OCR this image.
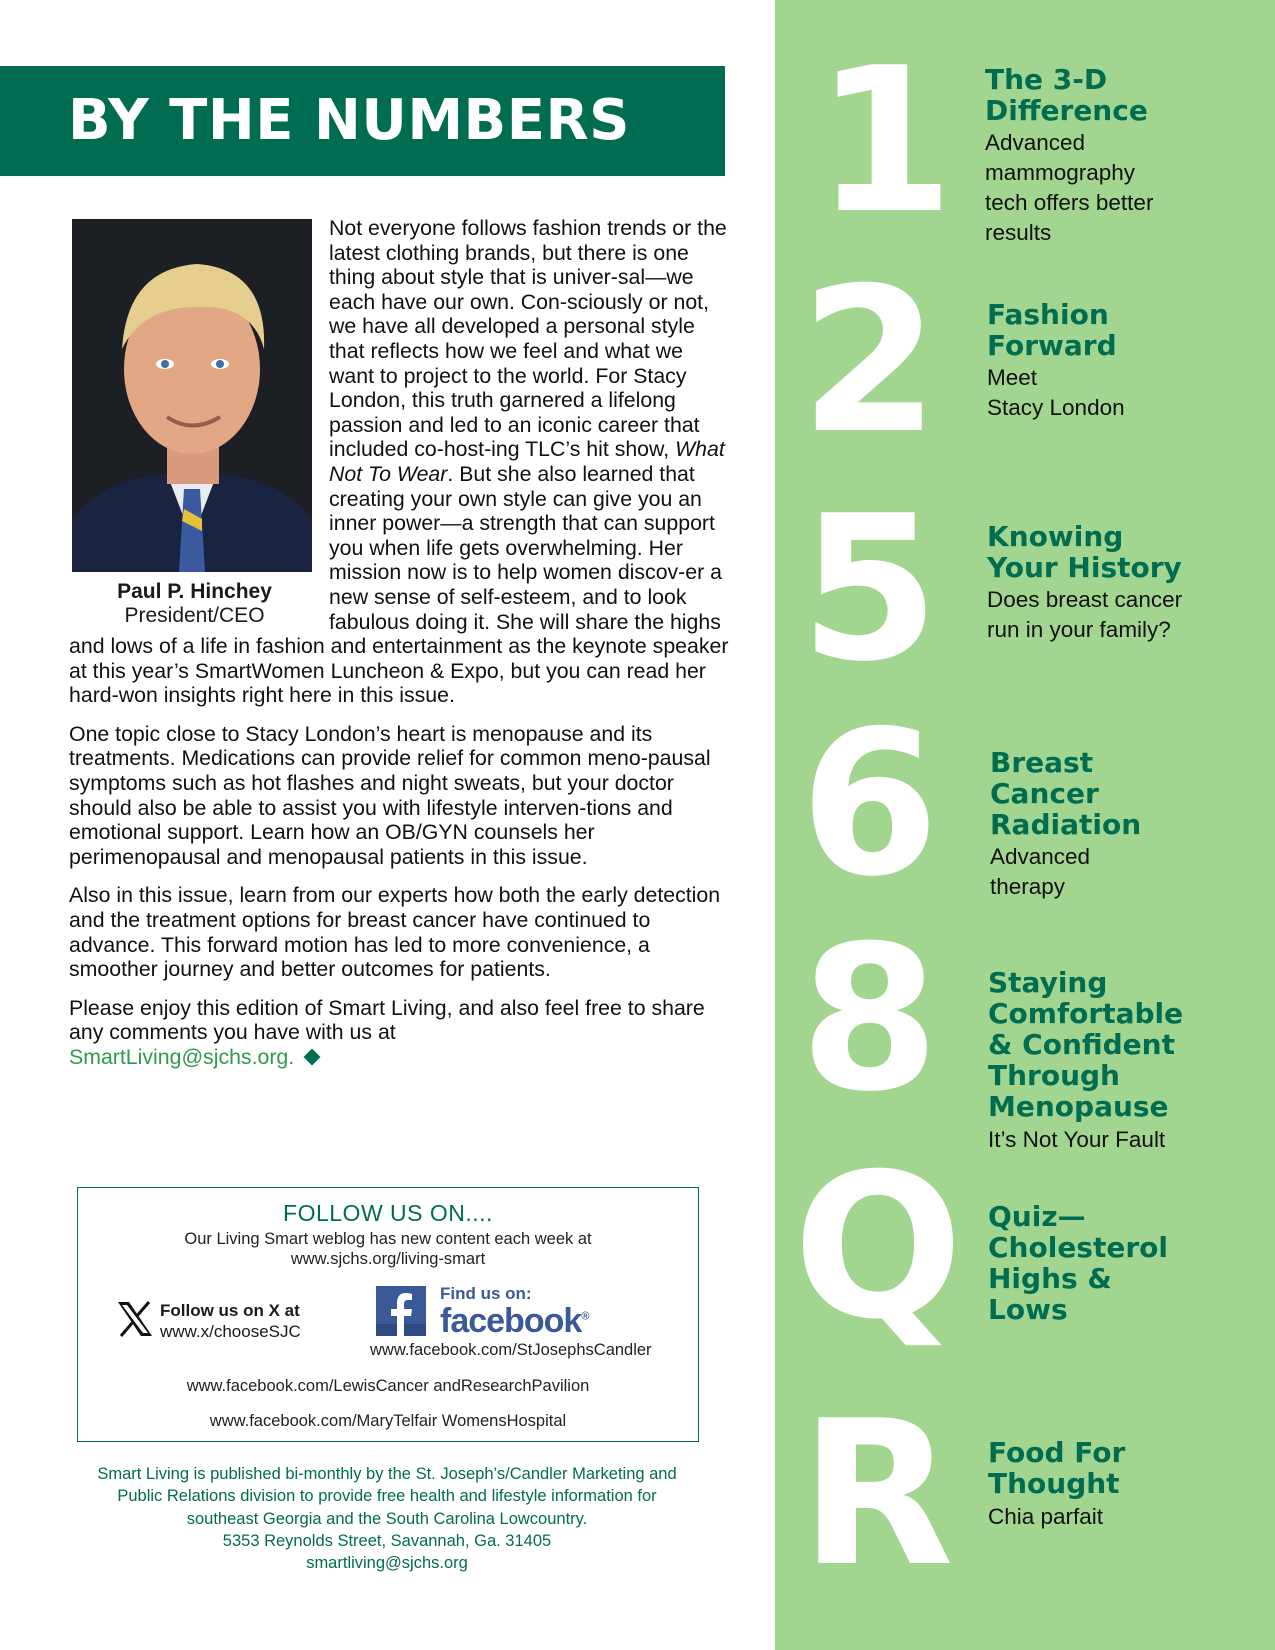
BY THE NUMBERS
Paul P. Hinchey
President/CEO

Not everyone follows fashion trends or the latest clothing brands, but there is one thing about style that is univer-sal—we each have our own. Con-sciously or not, we have all developed a personal style that reflects how we feel and what we want to project to the world. For Stacy London, this truth garnered a lifelong passion and led to an iconic career that included co-host-ing TLC’s hit show, What Not To Wear. But she also learned that creating your own style can give you an inner power—a strength that can support you when life gets overwhelming. Her mission now is to help women discov-er a new sense of self-esteem, and to look fabulous doing it. She will share the highs and lows of a life in fashion and entertainment as the keynote speaker at this year’s SmartWomen Luncheon & Expo, but you can read her hard-won insights right here in this issue.

One topic close to Stacy London’s heart is menopause and its treatments. Medications can provide relief for common meno-pausal symptoms such as hot flashes and night sweats, but your doctor should also be able to assist you with lifestyle interven-tions and emotional support. Learn how an OB/GYN counsels her perimenopausal and menopausal patients in this issue.

Also in this issue, learn from our experts how both the early detection and the treatment options for breast cancer have continued to advance. This forward motion has led to more convenience, a smoother journey and better outcomes for patients.

Please enjoy this edition of Smart Living, and also feel free to share any comments you have with us at
SmartLiving@sjchs.org.

FOLLOW US ON....
Our Living Smart weblog has new content each week at
www.sjchs.org/living-smart
Follow us on X at
www.x/chooseSJC
Find us on:
facebook®
www.facebook.com/StJosephsCandler
www.facebook.com/LewisCancer andResearchPavilion
www.facebook.com/MaryTelfair WomensHospital
Smart Living is published bi-monthly by the St. Joseph’s/Candler Marketing and
Public Relations division to provide free health and lifestyle information for
southeast Georgia and the South Carolina Lowcountry.
5353 Reynolds Street, Savannah, Ga. 31405
smartliving@sjchs.org
1 The 3-D
Difference
Advanced
mammography
tech offers better
results
2 Fashion
Forward
Meet
Stacy London
5 Knowing
Your History
Does breast cancer
run in your family?
6 Breast
Cancer
Radiation
Advanced
therapy
8 Staying
Comfortable
& Confident
Through
Menopause
It’s Not Your Fault
Q Quiz—
Cholesterol
Highs &
Lows
R Food For
Thought
Chia parfait
